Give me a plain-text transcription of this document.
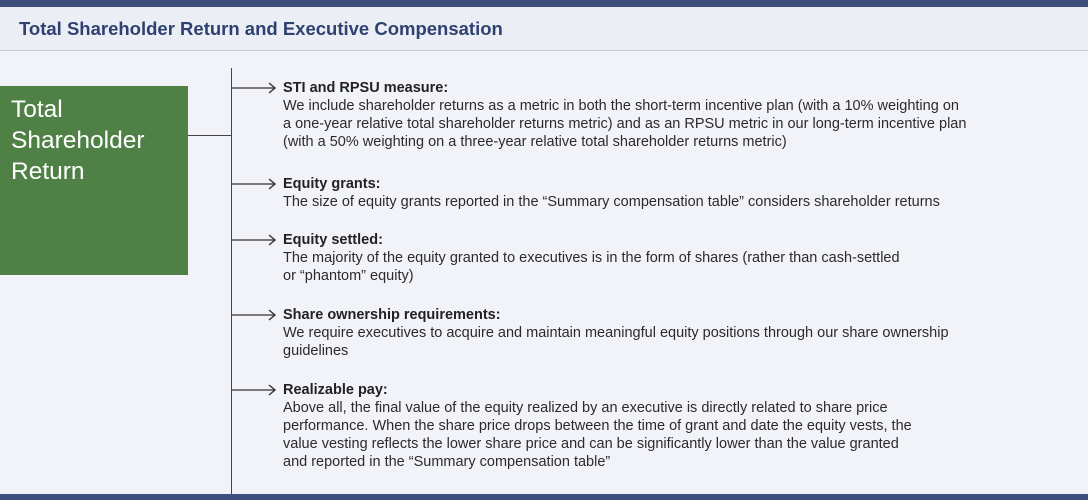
Total Shareholder Return and Executive Compensation
Total
Shareholder
Return
STI and RPSU measure:
We include shareholder returns as a metric in both the short-term incentive plan (with a 10% weighting on
a one-year relative total shareholder returns metric) and as an RPSU metric in our long-term incentive plan
(with a 50% weighting on a three-year relative total shareholder returns metric)
Equity grants:
The size of equity grants reported in the “Summary compensation table” considers shareholder returns
Equity settled:
The majority of the equity granted to executives is in the form of shares (rather than cash-settled
or “phantom” equity)
Share ownership requirements:
We require executives to acquire and maintain meaningful equity positions through our share ownership
guidelines
Realizable pay:
Above all, the final value of the equity realized by an executive is directly related to share price
performance. When the share price drops between the time of grant and date the equity vests, the
value vesting reflects the lower share price and can be significantly lower than the value granted
and reported in the “Summary compensation table”
